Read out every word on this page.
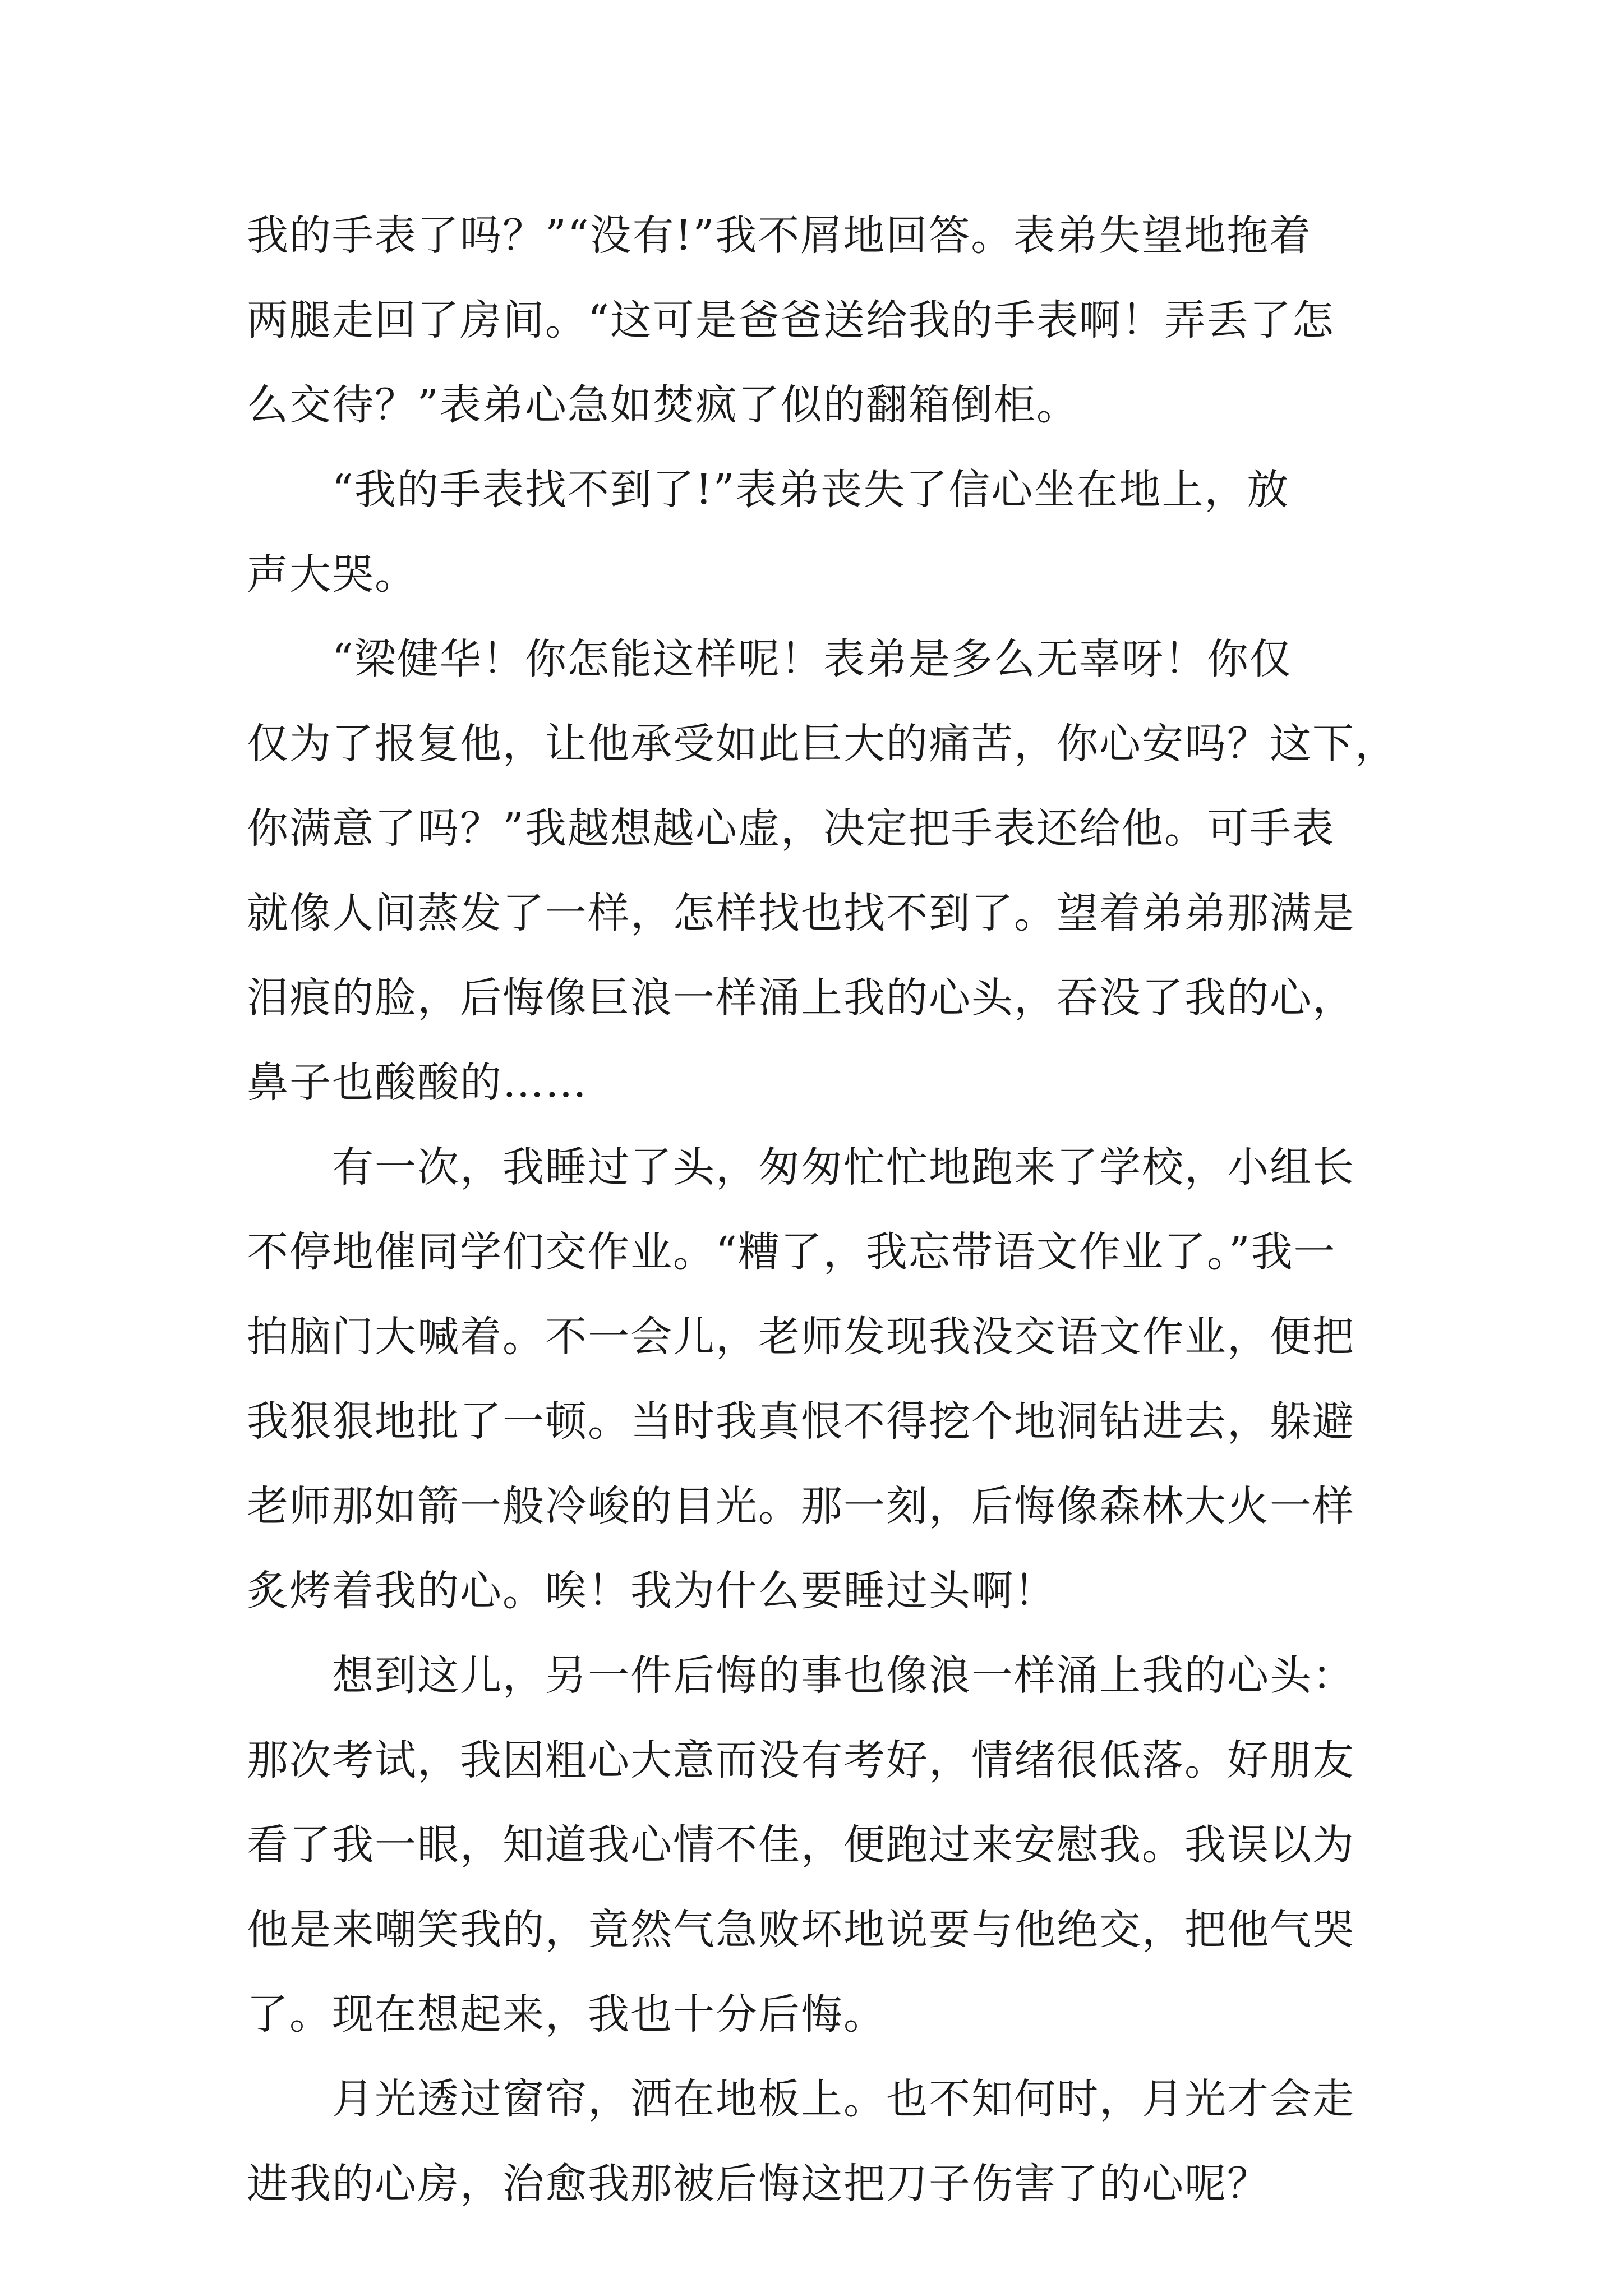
我的手表了吗？”“没有!”我不屑地回答。表弟失望地拖着
两腿走回了房间。“这可是爸爸送给我的手表啊！弄丢了怎
么交待？”表弟心急如焚疯了似的翻箱倒柜。
　　“我的手表找不到了!”表弟丧失了信心坐在地上，放
声大哭。
　　“梁健华！你怎能这样呢！表弟是多么无辜呀！你仅
仅为了报复他，让他承受如此巨大的痛苦，你心安吗？这下，
你满意了吗？”我越想越心虚，决定把手表还给他。可手表
就像人间蒸发了一样，怎样找也找不到了。望着弟弟那满是
泪痕的脸，后悔像巨浪一样涌上我的心头，吞没了我的心，
鼻子也酸酸的……
　　有一次，我睡过了头，匆匆忙忙地跑来了学校，小组长
不停地催同学们交作业。“糟了，我忘带语文作业了。”我一
拍脑门大喊着。不一会儿，老师发现我没交语文作业，便把
我狠狠地批了一顿。当时我真恨不得挖个地洞钻进去，躲避
老师那如箭一般冷峻的目光。那一刻，后悔像森林大火一样
炙烤着我的心。唉！我为什么要睡过头啊！
　　想到这儿，另一件后悔的事也像浪一样涌上我的心头：
那次考试，我因粗心大意而没有考好，情绪很低落。好朋友
看了我一眼，知道我心情不佳，便跑过来安慰我。我误以为
他是来嘲笑我的，竟然气急败坏地说要与他绝交，把他气哭
了。现在想起来，我也十分后悔。
　　月光透过窗帘，洒在地板上。也不知何时，月光才会走
进我的心房，治愈我那被后悔这把刀子伤害了的心呢？
